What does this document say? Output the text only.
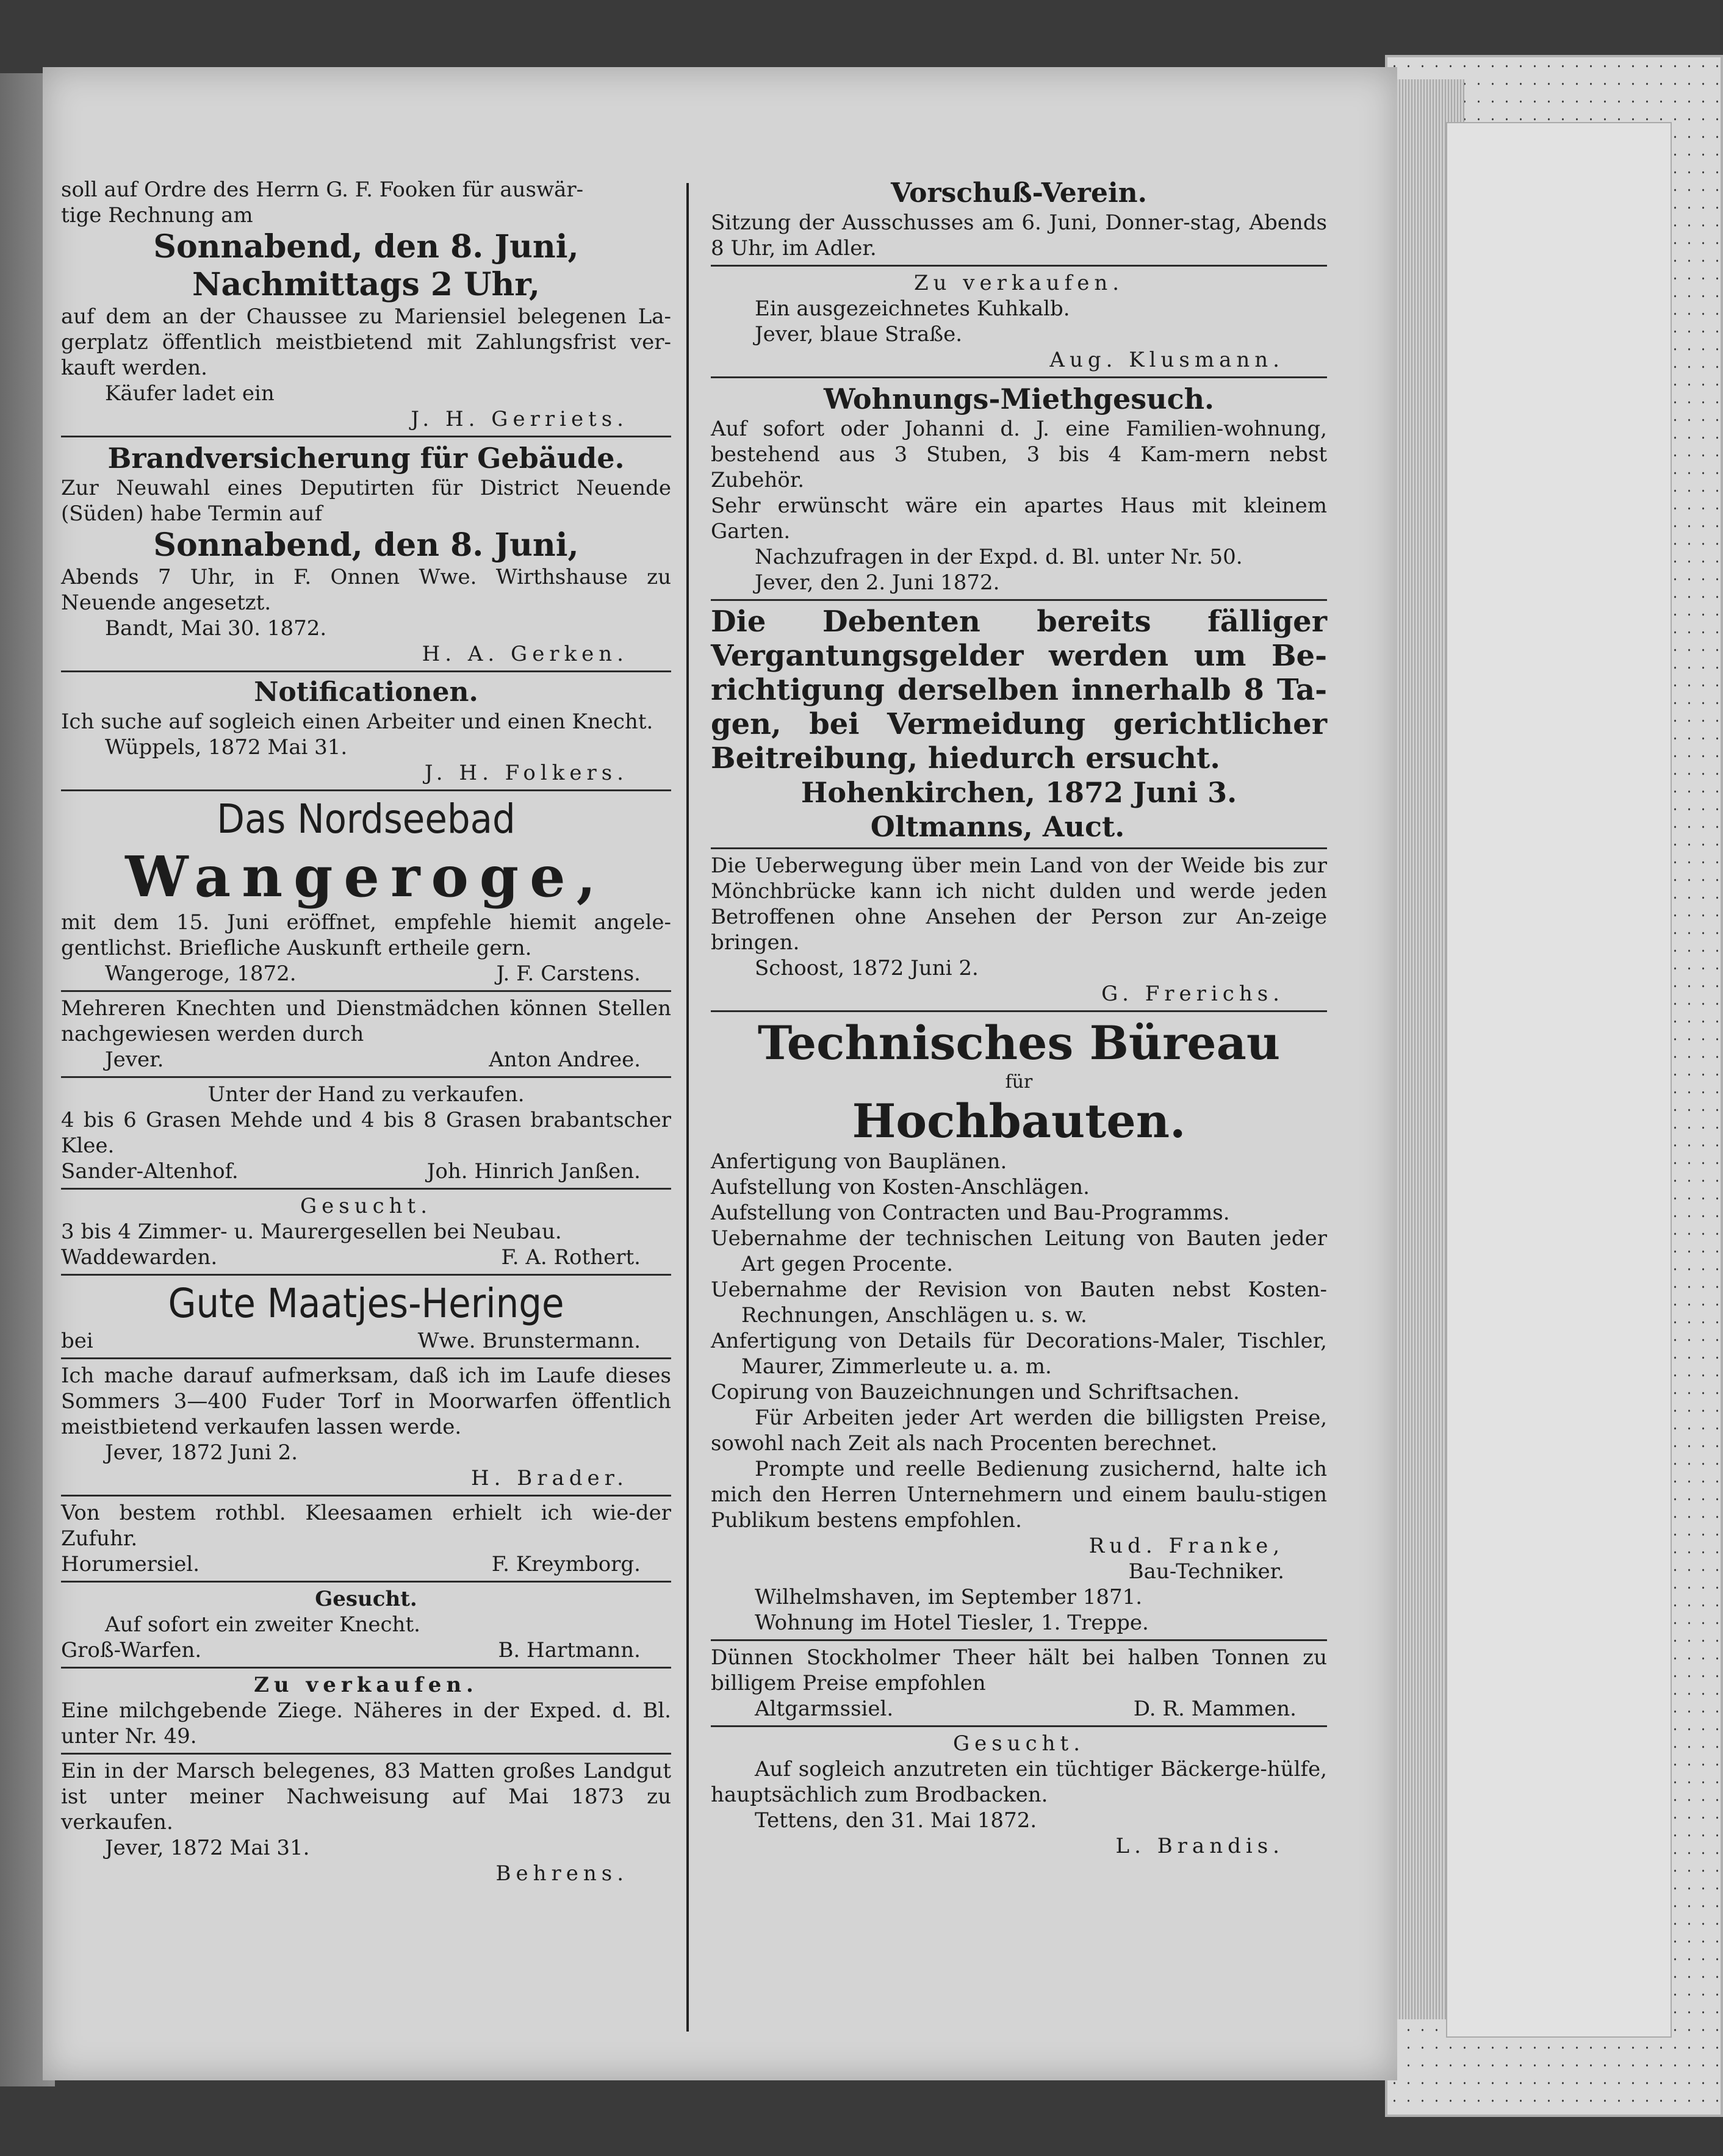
soll auf Ordre des Herrn G. F. Fooken für auswär-
tige Rechnung am
Sonnabend, den 8. Juni,
Nachmittags 2 Uhr,
auf dem an der Chaussee zu Mariensiel belegenen La-gerplatz öffentlich meistbietend mit Zahlungsfrist ver-kauft werden.
Käufer ladet ein
J. H. Gerriets.
Brandversicherung für Gebäude.
Zur Neuwahl eines Deputirten für District Neuende (Süden) habe Termin auf
Sonnabend, den 8. Juni,
Abends 7 Uhr, in F. Onnen Wwe. Wirthshause zu Neuende angesetzt.
Bandt, Mai 30. 1872.
H. A. Gerken.
Notificationen.
Ich suche auf sogleich einen Arbeiter und einen Knecht.
Wüppels, 1872 Mai 31.
J. H. Folkers.
Das Nordseebad
Wangeroge,
mit dem 15. Juni eröffnet, empfehle hiemit angele-gentlichst. Briefliche Auskunft ertheile gern.
Wangeroge, 1872.	J. F. Carstens.
Mehreren Knechten und Dienstmädchen können Stellen nachgewiesen werden durch
Jever.	Anton Andree.
Unter der Hand zu verkaufen.
4 bis 6 Grasen Mehde und 4 bis 8 Grasen brabantscher Klee.
Sander-Altenhof.	Joh. Hinrich Janßen.
Gesucht.
3 bis 4 Zimmer- u. Maurergesellen bei Neubau.
Waddewarden.	F. A. Rothert.
Gute Maatjes-Heringe
bei	Wwe. Brunstermann.
Ich mache darauf aufmerksam, daß ich im Laufe dieses Sommers 3—400 Fuder Torf in Moorwarfen öffentlich meistbietend verkaufen lassen werde.
Jever, 1872 Juni 2.
H. Brader.
Von bestem rothbl. Kleesaamen erhielt ich wie-der Zufuhr.
Horumersiel.	F. Kreymborg.
Gesucht.
Auf sofort ein zweiter Knecht.
Groß-Warfen.	B. Hartmann.
Zu verkaufen.
Eine milchgebende Ziege. Näheres in der Exped. d. Bl. unter Nr. 49.
Ein in der Marsch belegenes, 83 Matten großes Landgut ist unter meiner Nachweisung auf Mai 1873 zu verkaufen.
Jever, 1872 Mai 31.
Behrens.
Vorschuß-Verein.
Sitzung der Ausschusses am 6. Juni, Donner-stag, Abends 8 Uhr, im Adler.
Zu verkaufen.
Ein ausgezeichnetes Kuhkalb.
Jever, blaue Straße.
Aug. Klusmann.
Wohnungs-Miethgesuch.
Auf sofort oder Johanni d. J. eine Familien-wohnung, bestehend aus 3 Stuben, 3 bis 4 Kam-mern nebst Zubehör.
Sehr erwünscht wäre ein apartes Haus mit kleinem Garten.
Nachzufragen in der Expd. d. Bl. unter Nr. 50.
Jever, den 2. Juni 1872.
Die Debenten bereits fälliger Vergantungsgelder werden um Be-richtigung derselben innerhalb 8 Ta-gen, bei Vermeidung gerichtlicher Beitreibung, hiedurch ersucht.
Hohenkirchen, 1872 Juni 3.
Oltmanns, Auct.
Die Ueberwegung über mein Land von der Weide bis zur Mönchbrücke kann ich nicht dulden und werde jeden Betroffenen ohne Ansehen der Person zur An-zeige bringen.
Schoost, 1872 Juni 2.
G. Frerichs.
Technisches Büreau
für
Hochbauten.
Anfertigung von Bauplänen.
Aufstellung von Kosten-Anschlägen.
Aufstellung von Contracten und Bau-Programms.
Uebernahme der technischen Leitung von Bauten jeder Art gegen Procente.
Uebernahme der Revision von Bauten nebst Kosten-Rechnungen, Anschlägen u. s. w.
Anfertigung von Details für Decorations-Maler, Tischler, Maurer, Zimmerleute u. a. m.
Copirung von Bauzeichnungen und Schriftsachen.
Für Arbeiten jeder Art werden die billigsten Preise, sowohl nach Zeit als nach Procenten berechnet.
Prompte und reelle Bedienung zusichernd, halte ich mich den Herren Unternehmern und einem baulu-stigen Publikum bestens empfohlen.
Rud. Franke,
Bau-Techniker.
Wilhelmshaven, im September 1871.
Wohnung im Hotel Tiesler, 1. Treppe.
Dünnen Stockholmer Theer hält bei halben Tonnen zu billigem Preise empfohlen
Altgarmssiel.	D. R. Mammen.
Gesucht.
Auf sogleich anzutreten ein tüchtiger Bäckerge-hülfe, hauptsächlich zum Brodbacken.
Tettens, den 31. Mai 1872.
L. Brandis.
